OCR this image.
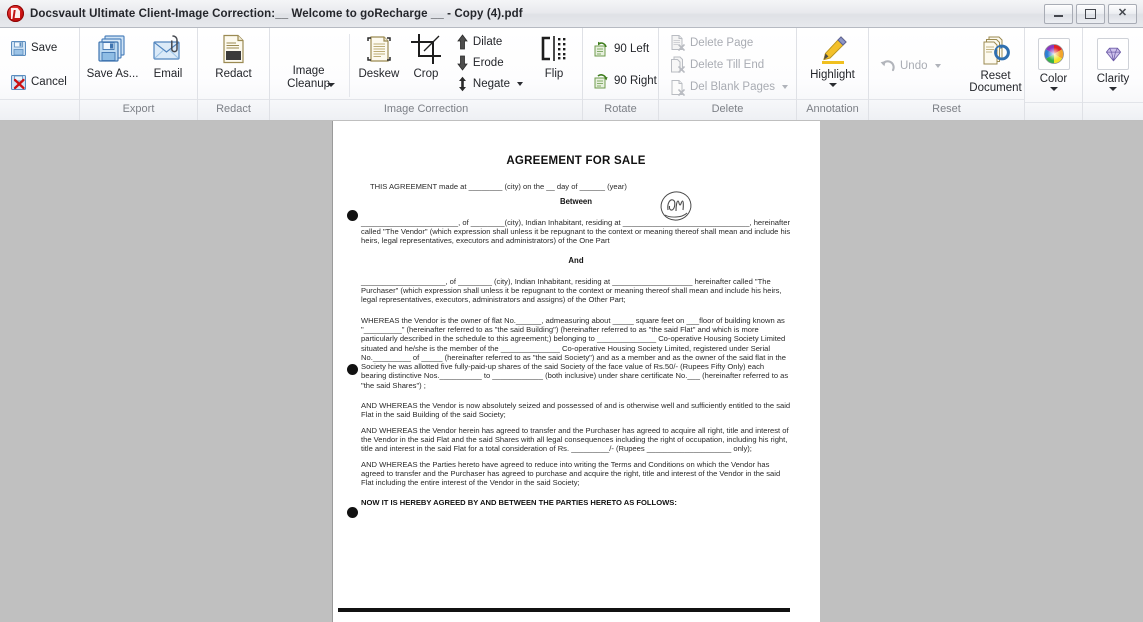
Docsvault Ultimate Client-Image Correction:__ Welcome to goRecharge __ - Copy (4).pdf	✕
Save
Cancel
Save As... Email
Export
Redact
Redact
Image Cleanup
Deskew Crop
Dilate
Erode
Negate
Flip
Image Correction
90 Left
90 Right
Rotate
Delete Page
Delete Till End
Del Blank Pages
Delete
Highlight
Annotation
Undo
Reset Document
Reset
Color	Clarity
AGREEMENT FOR SALE

THIS AGREEMENT made at ________ (city) on the __ day of ______ (year)

Between

_______________________, of ________(city), Indian Inhabitant, residing at ______________________________, hereinafter called "The Vendor" (which expression shall unless it be repugnant to the context or meaning thereof shall mean and include his heirs, legal representatives, executors and administrators) of the One Part

And

____________________, of ________ (city), Indian Inhabitant, residing at ___________________ hereinafter called "The Purchaser" (which expression shall unless it be repugnant to the context or meaning thereof shall mean and include his heirs, legal representatives, executors, administrators and assigns) of the Other Part;

WHEREAS the Vendor is the owner of flat No.______, admeasuring about _____ square feet on ___floor of building known as "_________" (hereinafter referred to as "the said Building") (hereinafter referred to as "the said Flat" and which is more particularly described in the schedule to this agreement;) belonging to ______________ Co-operative Housing Society Limited situated and he/she is the member of the ______________ Co-operative Housing Society Limited, registered under Serial No._________ of _____ (hereinafter referred to as "the said Society") and as a member and as the owner of the said flat in the Society he was allotted five fully-paid-up shares of the said Society of the face value of Rs.50/- (Rupees Fifty Only) each bearing distinctive Nos.__________ to ____________ (both inclusive) under share certificate No.___ (hereinafter referred to as "the said Shares") ;

AND WHEREAS the Vendor is now absolutely seized and possessed of and is otherwise well and sufficiently entitled to the said Flat in the said Building of the said Society;

AND WHEREAS the Vendor herein has agreed to transfer and the Purchaser has agreed to acquire all right, title and interest of the Vendor in the said Flat and the said Shares with all legal consequences including the right of occupation, including his right, title and interest in the said Flat for a total consideration of Rs. _________/- (Rupees ____________________ only);

AND WHEREAS the Parties hereto have agreed to reduce into writing the Terms and Conditions on which the Vendor has agreed to transfer and the Purchaser has agreed to purchase and acquire the right, title and interest of the Vendor in the said Flat including the entire interest of the Vendor in the said Society;

NOW IT IS HEREBY AGREED BY AND BETWEEN THE PARTIES HERETO AS FOLLOWS:
